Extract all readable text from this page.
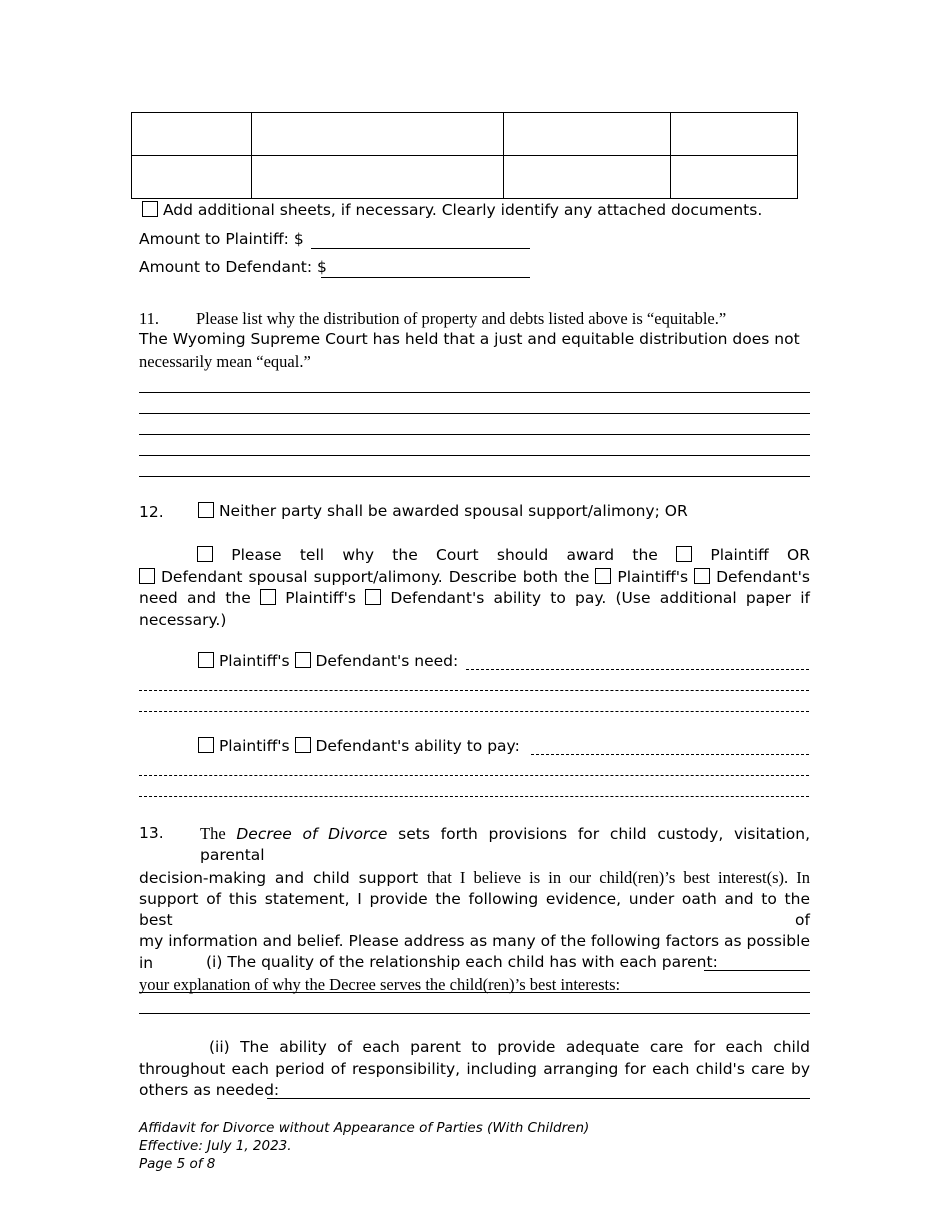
Add additional sheets, if necessary. Clearly identify any attached documents.
Amount to Plaintiff: $
Amount to Defendant: $
11. Please list why the distribution of property and debts listed above is “equitable.”
The Wyoming Supreme Court has held that a just and equitable distribution does not
necessarily mean “equal.”
12.	Neither party shall be awarded spousal support/alimony; OR
Please tell why the Court should award the	Plaintiff OR
Defendant spousal support/alimony. Describe both the Plaintiff's Defendant's
need and the Plaintiff's Defendant's ability to pay. (Use additional paper if
necessary.)
Plaintiff's Defendant's need:
Plaintiff's Defendant's ability to pay:
13.	The Decree of Divorce sets forth provisions for child custody, visitation, parental
decision-making and child support that I believe is in our child(ren)’s best interest(s). In
support of this statement, I provide the following evidence, under oath and to the best of
my information and belief. Please address as many of the following factors as possible in
your explanation of why the Decree serves the child(ren)’s best interests:
(i) The quality of the relationship each child has with each parent:
(ii) The ability of each parent to provide adequate care for each child
throughout each period of responsibility, including arranging for each child's care by
others as needed:
Affidavit for Divorce without Appearance of Parties (With Children)
Effective: July 1, 2023.
Page 5 of 8
